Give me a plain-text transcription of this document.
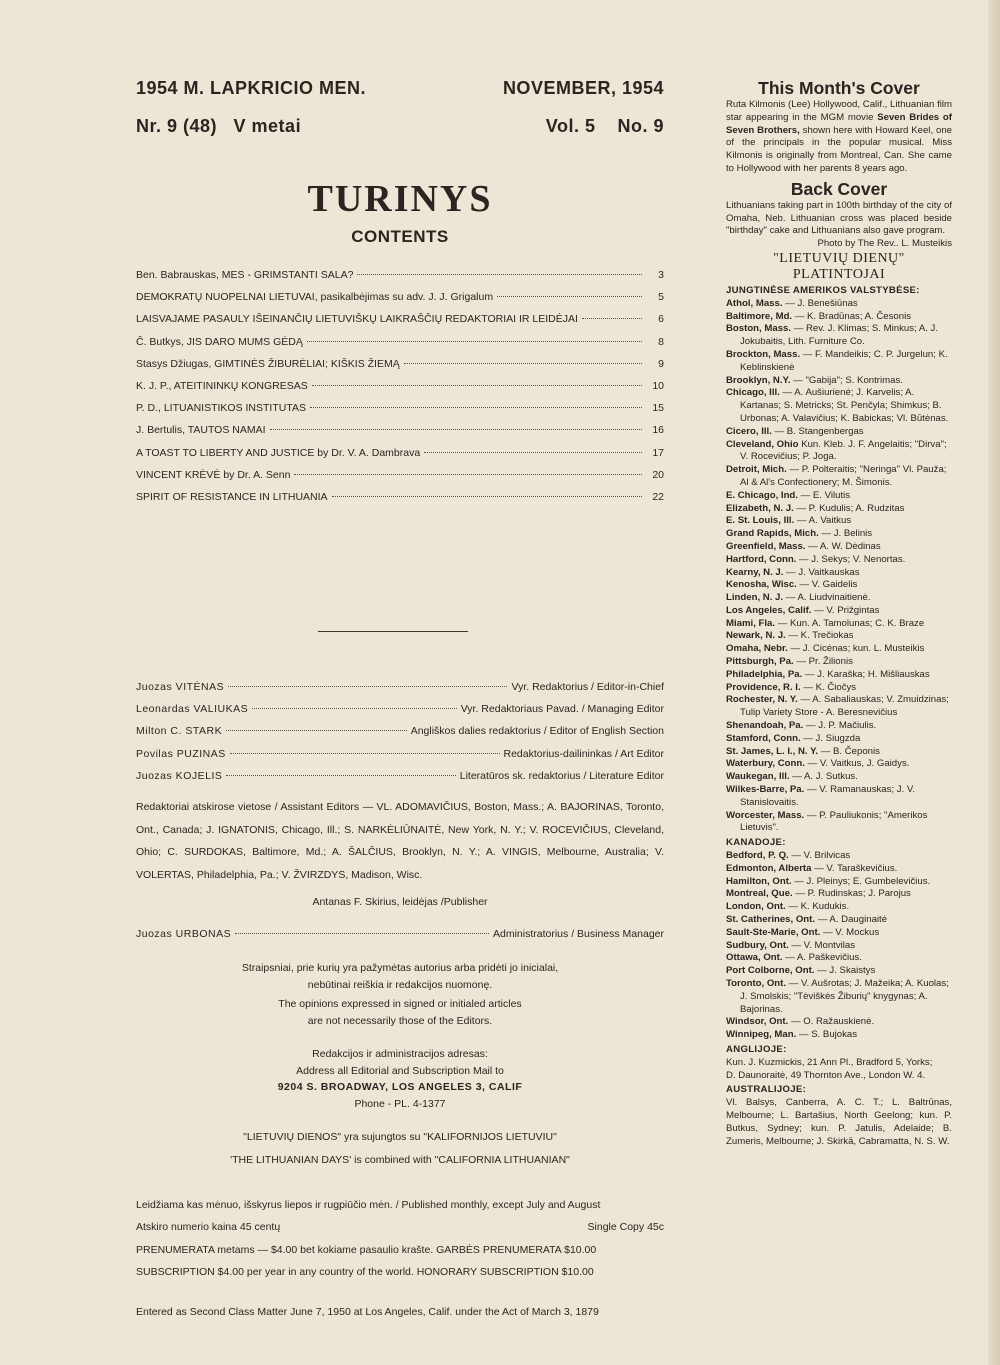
1954 M. LAPKRICIO MEN.	NOVEMBER, 1954
Nr. 9 (48)   V metai	Vol. 5 No. 9
TURINYS
CONTENTS
Ben. Babrauskas, MES - GRIMSTANTI SALA?	3
DEMOKRATŲ NUOPELNAI LIETUVAI, pasikalbėjimas su adv. J. J. Grigalum	5
LAISVAJAME PASAULY IŠEINANČIŲ LIETUVIŠKŲ LAIKRAŠČIŲ REDAKTORIAI IR LEIDĖJAI	6
Č. Butkys, JIS DARO MUMS GĖDĄ	8
Stasys Džiugas, GIMTINĖS ŽIBURĖLIAI; KIŠKIS ŽIEMĄ	9
K. J. P., ATEITININKŲ KONGRESAS	10
P. D., LITUANISTIKOS INSTITUTAS	15
J. Bertulis, TAUTOS NAMAI	16
A TOAST TO LIBERTY AND JUSTICE by Dr. V. A. Dambrava	17
VINCENT KRĖVĖ by Dr. A. Senn	20
SPIRIT OF RESISTANCE IN LITHUANIA	22
Juozas VITĖNAS	Vyr. Redaktorius / Editor-in-Chief
Leonardas VALIUKAS	Vyr. Redaktoriaus Pavad. / Managing Editor
Milton C. STARK	Angliškos dalies redaktorius / Editor of English Section
Povilas PUZINAS	Redaktorius-dailininkas / Art Editor
Juozas KOJELIS	Literatūros sk. redaktorius / Literature Editor
Redaktoriai atskirose vietose / Assistant Editors — VL. ADOMAVIČIUS, Boston, Mass.; A. BAJORINAS, Toronto, Ont., Canada; J. IGNATONIS, Chicago, Ill.; S. NARKĖLIŪNAITĖ, New York, N. Y.; V. ROCEVIČIUS, Cleveland, Ohio; C. SURDOKAS, Baltimore, Md.; A. ŠALČIUS, Brooklyn, N. Y.; A. VINGIS, Melbourne, Australia; V. VOLERTAS, Philadelphia, Pa.; V. ŽVIRZDYS, Madison, Wisc.
Antanas F. Skirius, leidėjas /Publisher
Juozas URBONAS	Administratorius / Business Manager
Straipsniai, prie kurių yra pažymėtas autorius arba pridėti jo inicialai,
nebūtinai reiškia ir redakcijos nuomonę.
The opinions expressed in signed or initialed articles
are not necessarily those of the Editors.
Redakcijos ir administracijos adresas:
Address all Editorial and Subscription Mail to
9204 S. BROADWAY, LOS ANGELES 3, CALIF
Phone - PL. 4-1377
"LIETUVIŲ DIENOS" yra sujungtos su "KALIFORNIJOS LIETUVIU"
'THE LITHUANIAN DAYS' is combined with "CALIFORNIA LITHUANIAN"
Leidžiama kas mėnuo, išskyrus liepos ir rugpiūčio mėn. / Published monthly, except July and August
Atskiro numerio kaina 45 centų	Single Copy 45c
PRENUMERATA metams — $4.00 bet kokiame pasaulio krašte. GARBĖS PRENUMERATA $10.00
SUBSCRIPTION $4.00 per year in any country of the world. HONORARY SUBSCRIPTION $10.00
Entered as Second Class Matter June 7, 1950 at Los Angeles, Calif. under the Act of March 3, 1879
This Month's Cover
Ruta Kilmonis (Lee) Hollywood, Calif., Lithuanian film star appearing in the MGM movie Seven Brides of Seven Brothers, shown here with Howard Keel, one of the principals in the popular musical. Miss Kilmonis is originally from Montreal, Can. She came to Hollywood with her parents 8 years ago.
Back Cover
Lithuanians taking part in 100th birthday of the city of Omaha, Neb. Lithuanian cross was placed beside "birthday" cake and Lithuanians also gave program.
Photo by The Rev.. L. Musteikis
"LIETUVIŲ DIENŲ"
PLATINTOJAI
JUNGTINĖSE AMERIKOS VALSTYBĖSE:
Athol, Mass. — J. Benešiūnas
Baltimore, Md. — K. Bradūnas; A. Česonis
Boston, Mass. — Rev. J. Klimas; S. Minkus; A. J. Jokubaitis, Lith. Furniture Co.
Brockton, Mass. — F. Mandeikis; C. P. Jurgelun; K. Keblinskienė
Brooklyn, N.Y. — "Gabija"; S. Kontrimas.
Chicago, Ill. — A. Aušiurienė; J. Karvelis; A. Kartanas; S. Metricks; St. Penčyla; Shimkus; B. Urbonas; A. Valavičius; K. Babickas; Vl. Būtėnas.
Cicero, Ill. — B. Stangenbergas
Cleveland, Ohio Kun. Kleb. J. F. Angelaitis; "Dirva"; V. Rocevičius; P. Joga.
Detroit, Mich. — P. Polteraitis; "Neringa" Vl. Pauža; Al & Al's Confectionery; M. Šimonis.
E. Chicago, Ind. — E. Vilutis
Elizabeth, N. J. — P. Kudulis; A. Rudzitas
E. St. Louis, Ill. — A. Vaitkus
Grand Rapids, Mich. — J. Belinis
Greenfield, Mass. — A. W. Dėdinas
Hartford, Conn. — J. Sekys; V. Nenortas.
Kearny, N. J. — J. Vaitkauskas
Kenosha, Wisc. — V. Gaidelis
Linden, N. J. — A. Liudvinaitienė.
Los Angeles, Calif. — V. Prižgintas
Miami, Fla. — Kun. A. Tamolunas; C. K. Braze
Newark, N. J. — K. Trečiokas
Omaha, Nebr. — J. Cicėnas; kun. L. Musteikis
Pittsburgh, Pa. — Pr. Žilionis
Philadelphia, Pa. — J. Karaška; H. Mišliauskas
Providence, R. I. — K. Čiočys
Rochester, N. Y. — A. Sabaliauskas; V. Zmuidzinas; Tulip Variety Store - A. Beresnevičius
Shenandoah, Pa. — J. P. Mačiulis.
Stamford, Conn. — J. Siugzda
St. James, L. I., N. Y. — B. Čeponis
Waterbury, Conn. — V. Vaitkus, J. Gaidys.
Waukegan, Ill. — A. J. Sutkus.
Wilkes-Barre, Pa. — V. Ramanauskas; J. V. Stanislovaitis.
Worcester, Mass. — P. Pauliukonis; "Amerikos Lietuvis".
KANADOJE:
Bedford, P. Q. — V. Brilvicas
Edmonton, Alberta — V. Taraškevičius.
Hamilton, Ont. — J. Pleinys; E. Gumbelevičius.
Montreal, Que. — P. Rudinskas; J. Parojus
London, Ont. — K. Kudukis.
St. Catherines, Ont. — A. Dauginaitė
Sault-Ste-Marie, Ont. — V. Mockus
Sudbury, Ont. — V. Montvilas
Ottawa, Ont. — A. Paškevičius.
Port Colborne, Ont. — J. Skaistys
Toronto, Ont. — V. Aušrotas; J. Mažeika; A. Kuolas; J. Smolskis; "Tėviškės Žiburių" knygynas; A. Bajorinas.
Windsor, Ont. — O. Ražauskienė.
Winnipeg, Man. — S. Bujokas
ANGLIJOJE:
Kun. J. Kuzmickis, 21 Ann Pl., Bradford 5, Yorks;
D. Daunoraitė, 49 Thornton Ave., London W. 4.
AUSTRALIJOJE:
Vl. Balsys, Canberra, A. C. T.; L. Baltrūnas, Melbourne; L. Bartašius, North Geelong; kun. P. Butkus, Sydney; kun. P. Jatulis, Adelaide; B. Zumeris, Melbourne; J. Skirkā, Cabramatta, N. S. W.
